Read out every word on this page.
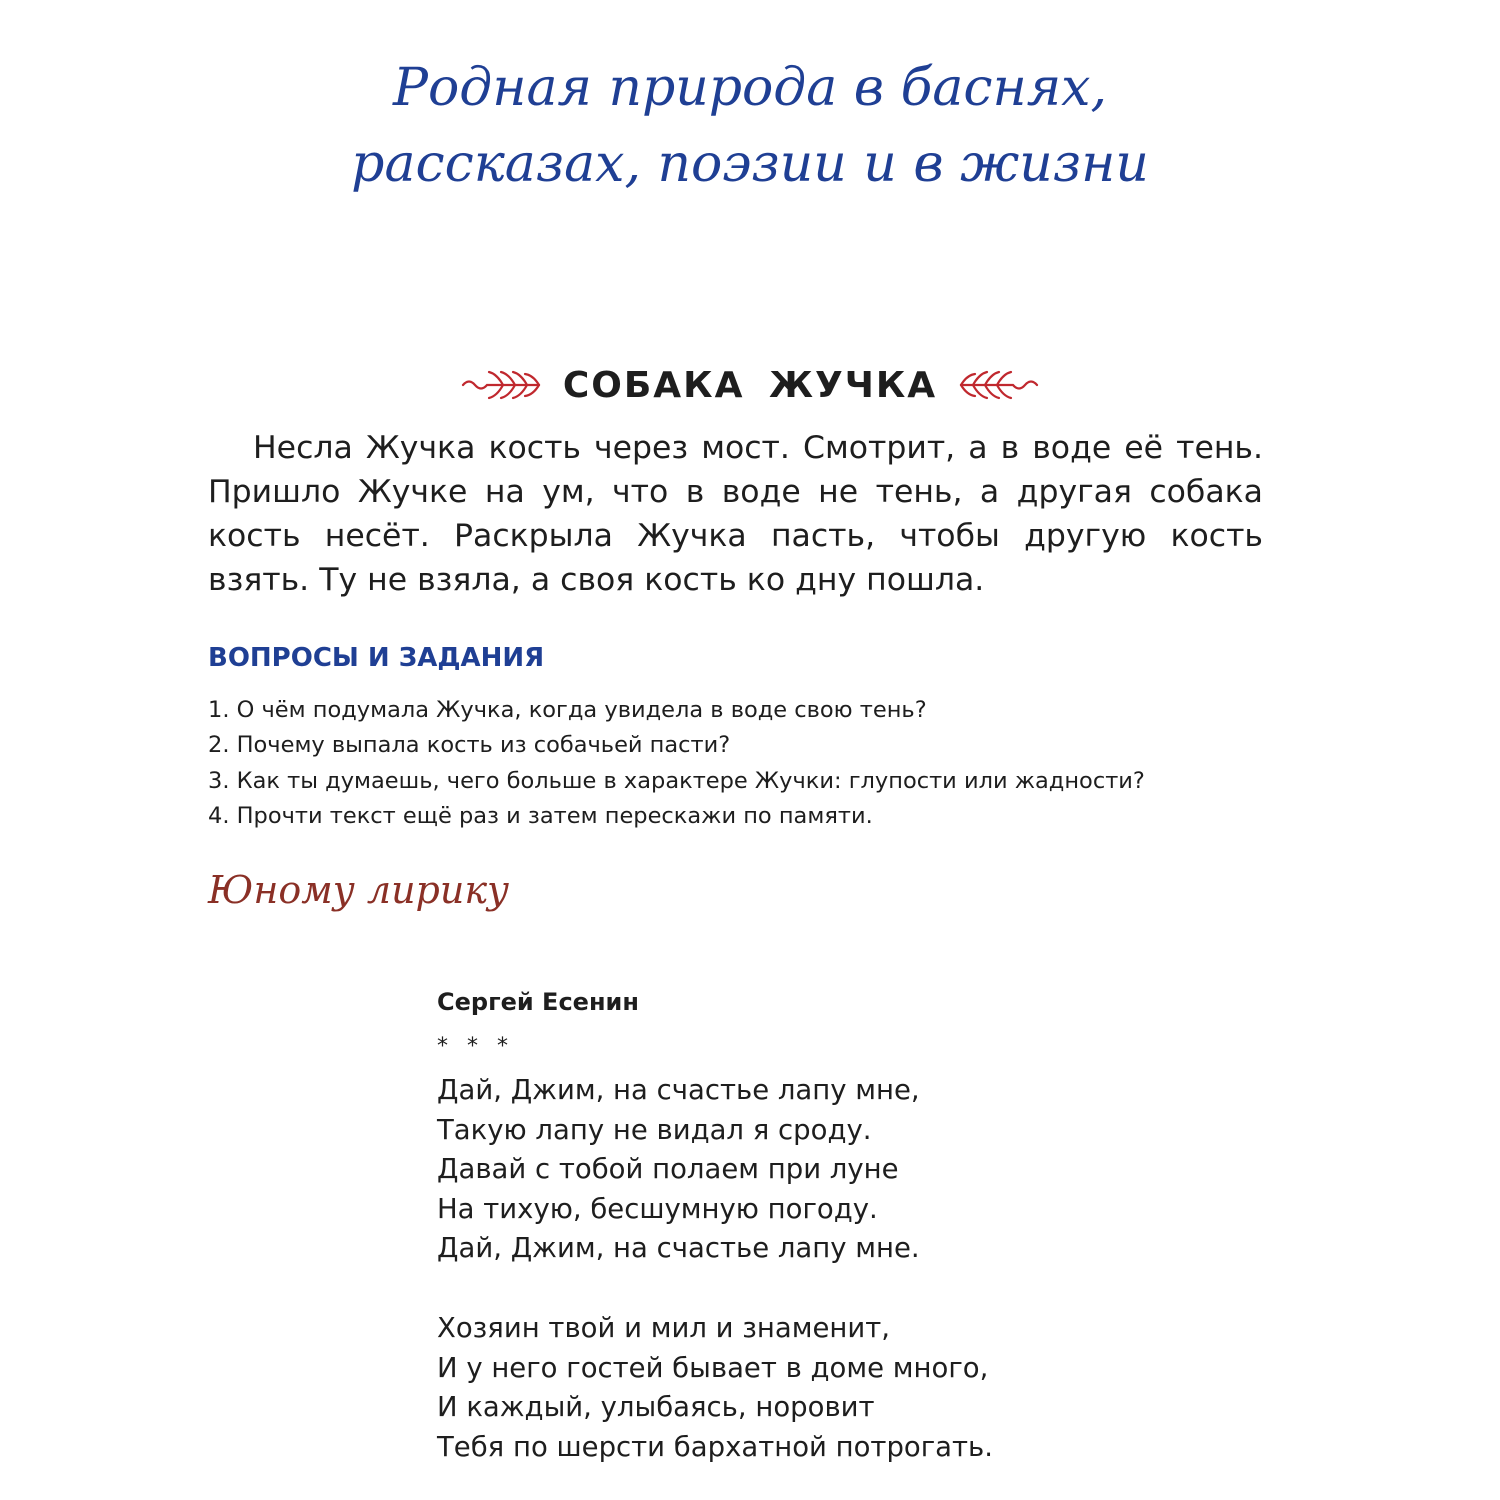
Родная природа в баснях,
рассказах, поэзии и в жизни
СОБАКА ЖУЧКА

Несла Жучка кость через мост. Смотрит, а в воде её тень. Пришло Жучке на ум, что в воде не тень, а другая собака кость несёт. Раскрыла Жучка пасть, чтобы другую кость взять. Ту не взяла, а своя кость ко дну пошла.

ВОПРОСЫ И ЗАДАНИЯ
1. О чём подумала Жучка, когда увидела в воде свою тень?
2. Почему выпала кость из собачьей пасти?
3. Как ты думаешь, чего больше в характере Жучки: глупости или жадности?
4. Прочти текст ещё раз и затем перескажи по памяти.
Юному лирику
Сергей Есенин
* * *
Дай, Джим, на счастье лапу мне,
Такую лапу не видал я сроду.
Давай с тобой полаем при луне
На тихую, бесшумную погоду.
Дай, Джим, на счастье лапу мне.
Хозяин твой и мил и знаменит,
И у него гостей бывает в доме много,
И каждый, улыбаясь, норовит
Тебя по шерсти бархатной потрогать.
